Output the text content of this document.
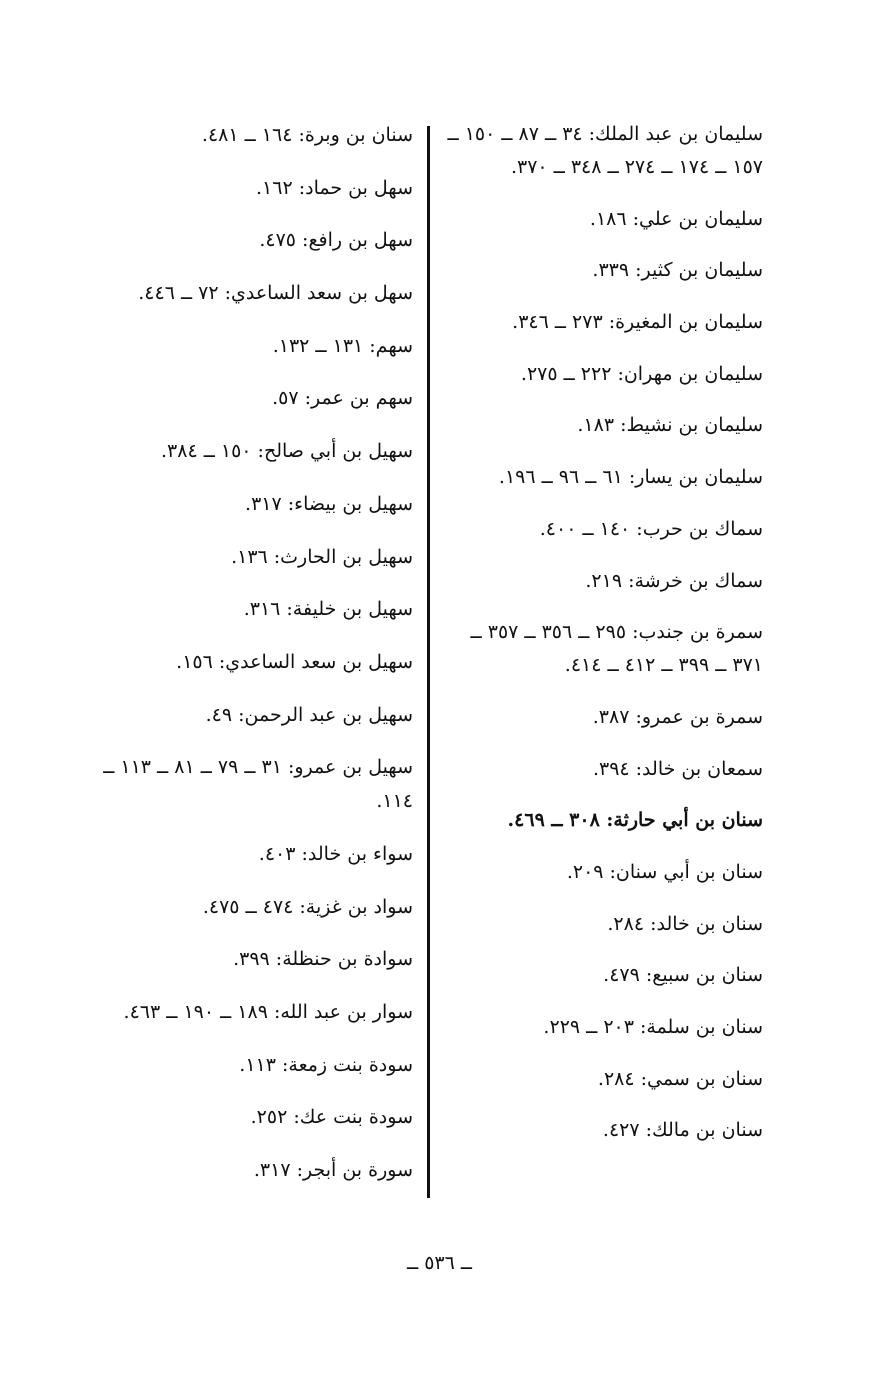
سليمان بن عبد الملك: ٣٤ ــ ٨٧ ــ ١٥٠ ــ ١٥٧ ــ ١٧٤ ــ ٢٧٤ ــ ٣٤٨ ــ ٣٧٠.
سليمان بن علي: ١٨٦.
سليمان بن كثير: ٣٣٩.
سليمان بن المغيرة: ٢٧٣ ــ ٣٤٦.
سليمان بن مهران: ٢٢٢ ــ ٢٧٥.
سليمان بن نشيط: ١٨٣.
سليمان بن يسار: ٦١ ــ ٩٦ ــ ١٩٦.
سماك بن حرب: ١٤٠ ــ ٤٠٠.
سماك بن خرشة: ٢١٩.
سمرة بن جندب: ٢٩٥ ــ ٣٥٦ ــ ٣٥٧ ــ ٣٧١ ــ ٣٩٩ ــ ٤١٢ ــ ٤١٤.
سمرة بن عمرو: ٣٨٧.
سمعان بن خالد: ٣٩٤.
سنان بن أبي حارثة: ٣٠٨ ــ ٤٦٩.
سنان بن أبي سنان: ٢٠٩.
سنان بن خالد: ٢٨٤.
سنان بن سبيع: ٤٧٩.
سنان بن سلمة: ٢٠٣ ــ ٢٢٩.
سنان بن سمي: ٢٨٤.
سنان بن مالك: ٤٢٧.
سنان بن وبرة: ١٦٤ ــ ٤٨١.
سهل بن حماد: ١٦٢.
سهل بن رافع: ٤٧٥.
سهل بن سعد الساعدي: ٧٢ ــ ٤٤٦.
سهم: ١٣١ ــ ١٣٢.
سهم بن عمر: ٥٧.
سهيل بن أبي صالح: ١٥٠ ــ ٣٨٤.
سهيل بن بيضاء: ٣١٧.
سهيل بن الحارث: ١٣٦.
سهيل بن خليفة: ٣١٦.
سهيل بن سعد الساعدي: ١٥٦.
سهيل بن عبد الرحمن: ٤٩.
سهيل بن عمرو: ٣١ ــ ٧٩ ــ ٨١ ــ ١١٣ ــ ١١٤.
سواء بن خالد: ٤٠٣.
سواد بن غزية: ٤٧٤ ــ ٤٧٥.
سوادة بن حنظلة: ٣٩٩.
سوار بن عبد الله: ١٨٩ ــ ١٩٠ ــ ٤٦٣.
سودة بنت زمعة: ١١٣.
سودة بنت عك: ٢٥٢.
سورة بن أبجر: ٣١٧.
ــ ٥٣٦ ــ
